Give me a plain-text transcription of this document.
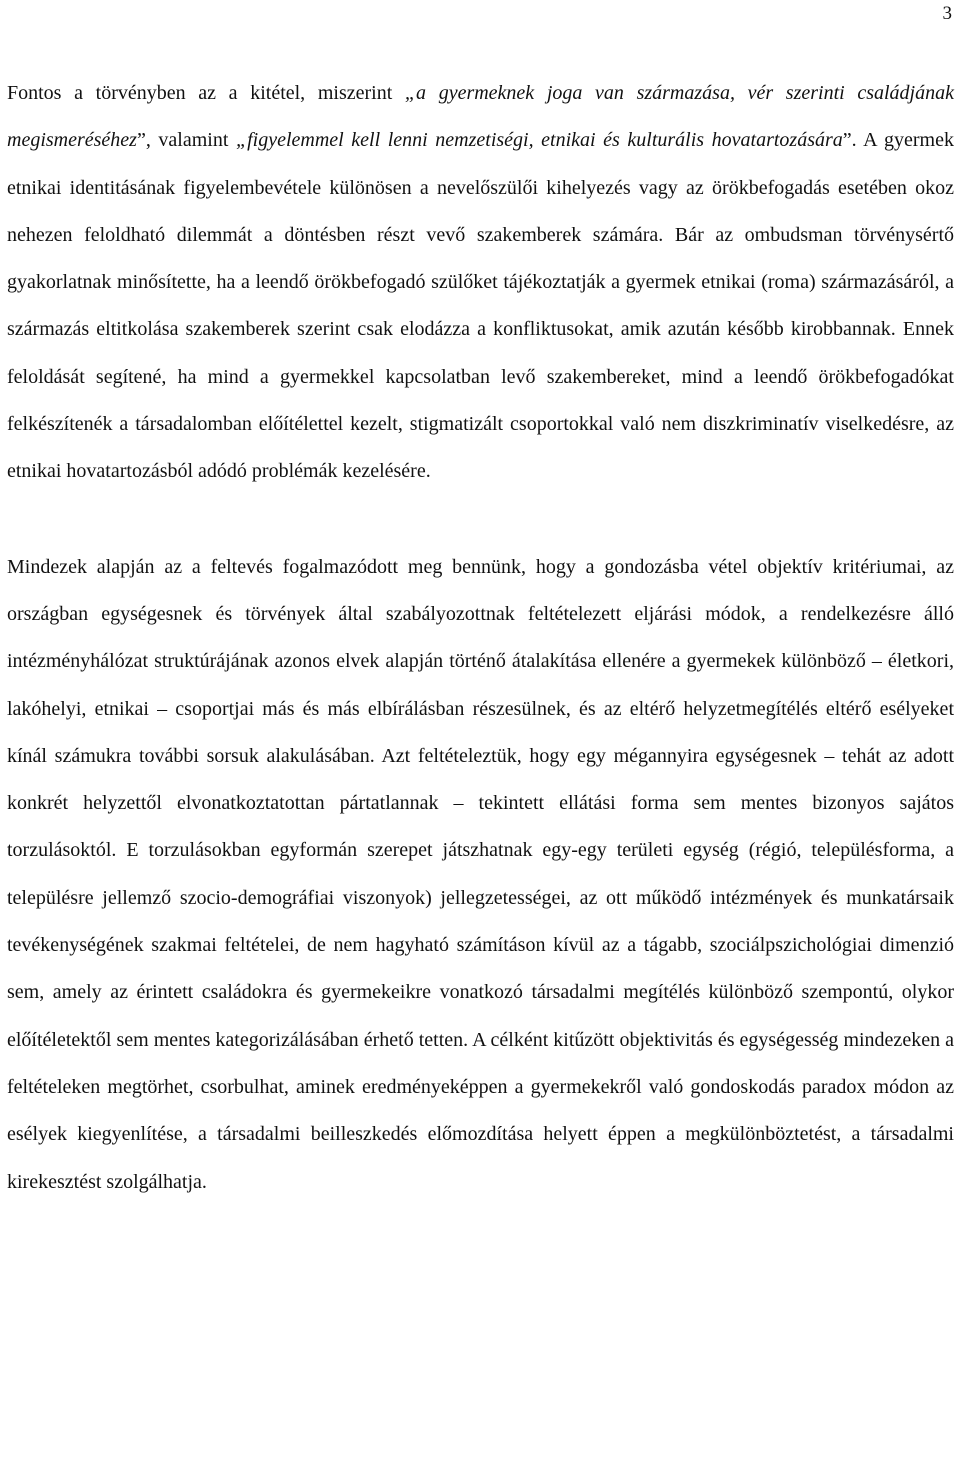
3

Fontos a törvényben az a kitétel, miszerint „a gyermeknek joga van származása, vér szerinti családjának megismeréséhez”, valamint „figyelemmel kell lenni nemzetiségi, etnikai és kulturális hovatartozására”. A gyermek etnikai identitásának figyelembevétele különösen a nevelőszülői kihelyezés vagy az örökbefogadás esetében okoz nehezen feloldható dilemmát a döntésben részt vevő szakemberek számára. Bár az ombudsman törvénysértő gyakorlatnak minősítette, ha a leendő örökbefogadó szülőket tájékoztatják a gyermek etnikai (roma) származásáról, a származás eltitkolása szakemberek szerint csak elodázza a konfliktusokat, amik azután később kirobbannak. Ennek feloldását segítené, ha mind a gyermekkel kapcsolatban levő szakembereket, mind a leendő örökbefogadókat felkészítenék a társadalomban előítélettel kezelt, stigmatizált csoportokkal való nem diszkriminatív viselkedésre, az etnikai hovatartozásból adódó problémák kezelésére.

Mindezek alapján az a feltevés fogalmazódott meg bennünk, hogy a gondozásba vétel objektív kritériumai, az országban egységesnek és törvények által szabályozottnak feltételezett eljárási módok, a rendelkezésre álló intézményhálózat struktúrájának azonos elvek alapján történő átalakítása ellenére a gyermekek különböző – életkori, lakóhelyi, etnikai – csoportjai más és más elbírálásban részesülnek, és az eltérő helyzetmegítélés eltérő esélyeket kínál számukra további sorsuk alakulásában. Azt feltételeztük, hogy egy mégannyira egységesnek – tehát az adott konkrét helyzettől elvonatkoztatottan pártatlannak – tekintett ellátási forma sem mentes bizonyos sajátos torzulásoktól. E torzulásokban egyformán szerepet játszhatnak egy-egy területi egység (régió, településforma, a településre jellemző szocio-demográfiai viszonyok) jellegzetességei, az ott működő intézmények és munkatársaik tevékenységének szakmai feltételei, de nem hagyható számításon kívül az a tágabb, szociálpszichológiai dimenzió sem, amely az érintett családokra és gyermekeikre vonatkozó társadalmi megítélés különböző szempontú, olykor előítéletektől sem mentes kategorizálásában érhető tetten. A célként kitűzött objektivitás és egységesség mindezeken a feltételeken megtörhet, csorbulhat, aminek eredményeképpen a gyermekekről való gondoskodás paradox módon az esélyek kiegyenlítése, a társadalmi beilleszkedés előmozdítása helyett éppen a megkülönböztetést, a társadalmi kirekesztést szolgálhatja.
